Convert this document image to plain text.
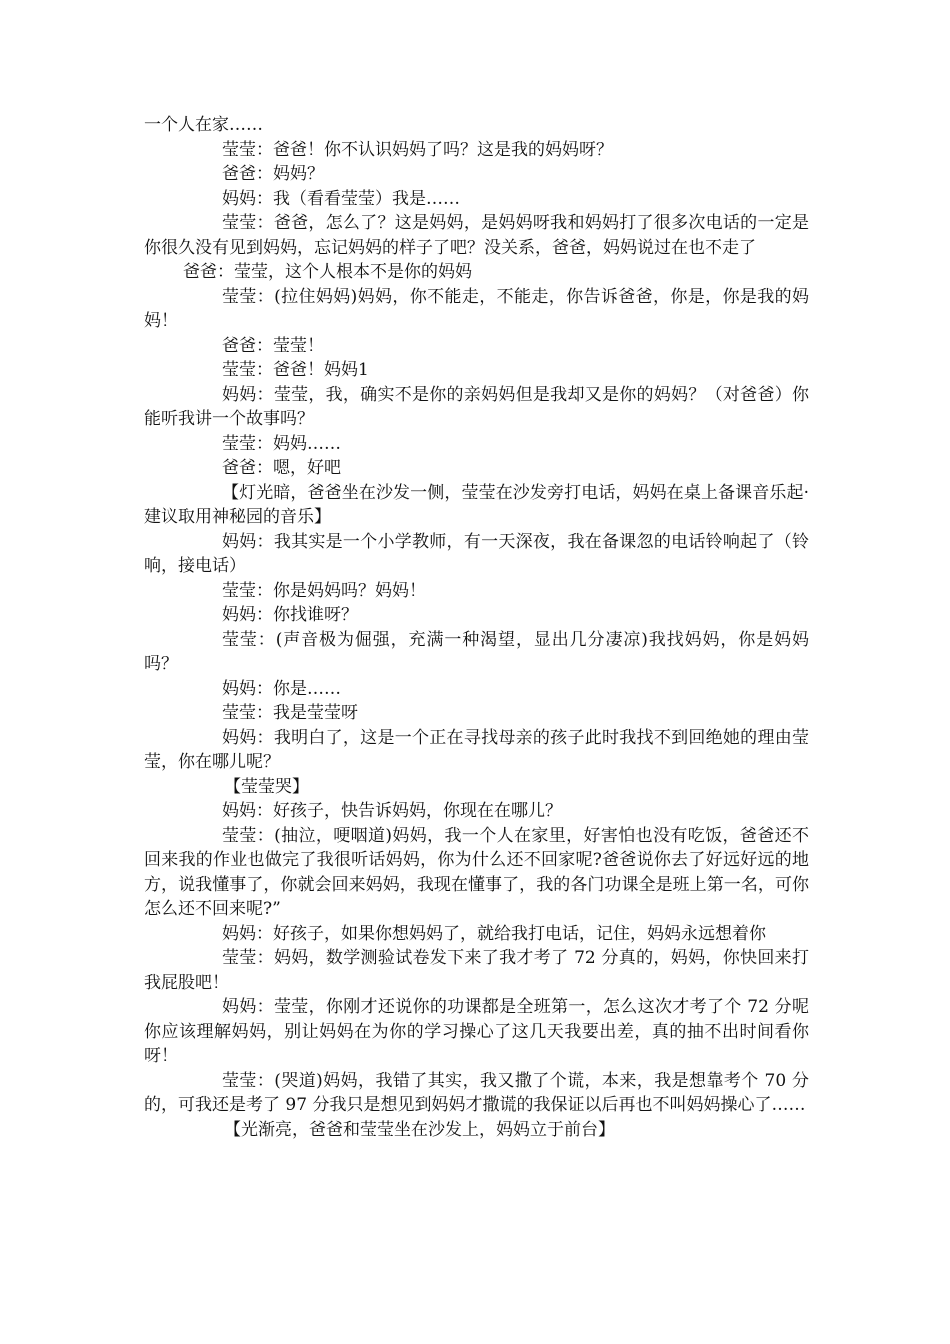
一个人在家……

莹莹：爸爸！你不认识妈妈了吗？这是我的妈妈呀？

爸爸：妈妈？

妈妈：我（看看莹莹）我是……

莹莹：爸爸，怎么了？这是妈妈，是妈妈呀我和妈妈打了很多次电话的一定是你很久没有见到妈妈，忘记妈妈的样子了吧？没关系，爸爸，妈妈说过在也不走了

爸爸：莹莹，这个人根本不是你的妈妈

莹莹：(拉住妈妈)妈妈，你不能走，不能走，你告诉爸爸，你是，你是我的妈妈！

爸爸：莹莹！

莹莹：爸爸！妈妈1

妈妈：莹莹，我，确实不是你的亲妈妈但是我却又是你的妈妈？（对爸爸）你能听我讲一个故事吗？

莹莹：妈妈……

爸爸：嗯，好吧

【灯光暗，爸爸坐在沙发一侧，莹莹在沙发旁打电话，妈妈在桌上备课音乐起·建议取用神秘园的音乐】

妈妈：我其实是一个小学教师，有一天深夜，我在备课忽的电话铃响起了（铃响，接电话）

莹莹：你是妈妈吗？妈妈！

妈妈：你找谁呀？

莹莹：(声音极为倔强，充满一种渴望，显出几分凄凉)我找妈妈，你是妈妈吗？

妈妈：你是……

莹莹：我是莹莹呀

妈妈：我明白了，这是一个正在寻找母亲的孩子此时我找不到回绝她的理由莹莹，你在哪儿呢？

【莹莹哭】

妈妈：好孩子，快告诉妈妈，你现在在哪儿？

莹莹：(抽泣，哽咽道)妈妈，我一个人在家里，好害怕也没有吃饭，爸爸还不回来我的作业也做完了我很听话妈妈，你为什么还不回家呢?爸爸说你去了好远好远的地方，说我懂事了，你就会回来妈妈，我现在懂事了，我的各门功课全是班上第一名，可你怎么还不回来呢?”

妈妈：好孩子，如果你想妈妈了，就给我打电话，记住，妈妈永远想着你

莹莹：妈妈，数学测验试卷发下来了我才考了 72 分真的，妈妈，你快回来打我屁股吧！

妈妈：莹莹，你刚才还说你的功课都是全班第一，怎么这次才考了个 72 分呢你应该理解妈妈，别让妈妈在为你的学习操心了这几天我要出差，真的抽不出时间看你呀！

莹莹：(哭道)妈妈，我错了其实，我又撒了个谎，本来，我是想靠考个 70 分的，可我还是考了 97 分我只是想见到妈妈才撒谎的我保证以后再也不叫妈妈操心了……

【光渐亮，爸爸和莹莹坐在沙发上，妈妈立于前台】
